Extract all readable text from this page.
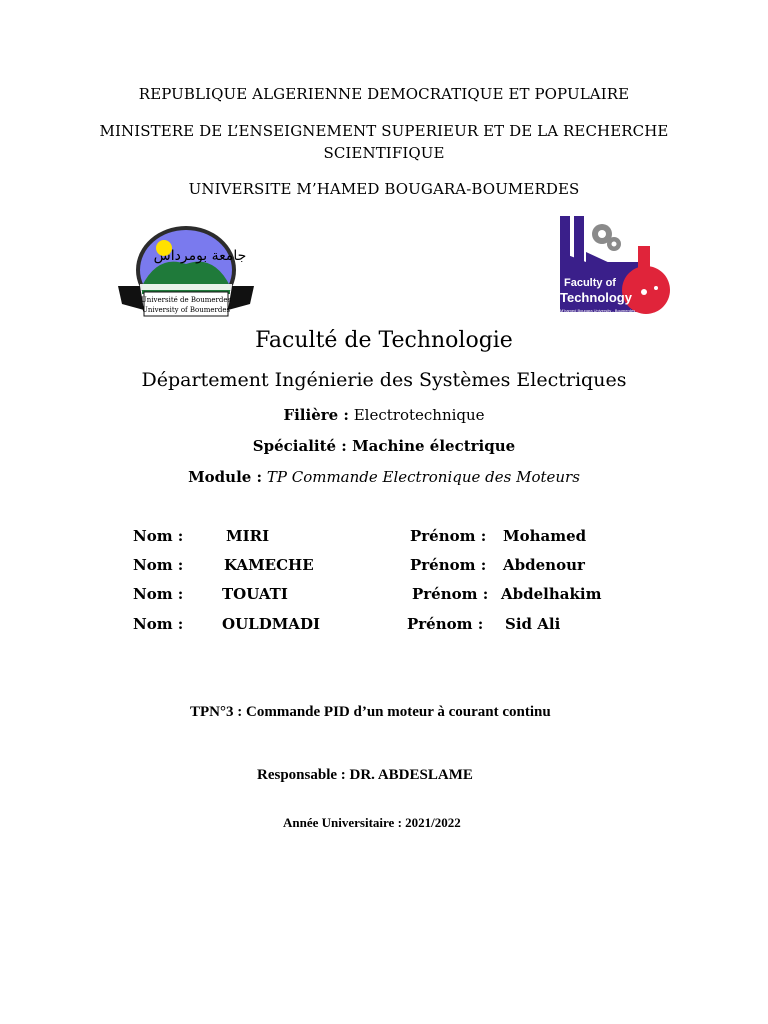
REPUBLIQUE ALGERIENNE DEMOCRATIQUE ET POPULAIRE
MINISTERE DE L’ENSEIGNEMENT SUPERIEUR ET DE LA RECHERCHE
SCIENTIFIQUE
UNIVERSITE M’HAMED BOUGARA-BOUMERDES
جامعة بومرداس
Université de Boumerdes
University of Boumerdes
Faculty of
Technology
M'hamed Bougara University - Boumerdes
Faculté de Technologie
Département Ingénierie des Systèmes Electriques
Filière : Electrotechnique
Spécialité : Machine électrique
Module : TP Commande Electronique des Moteurs
Nom :	MIRI	Prénom : Mohamed
Nom :	KAMECHE	Prénom : Abdenour
Nom :	TOUATI	Prénom : Abdelhakim
Nom :	OULDMADI	Prénom : Sid Ali
TPN°3 : Commande PID d’un moteur à courant continu
Responsable : DR. ABDESLAME
Année Universitaire : 2021/2022
